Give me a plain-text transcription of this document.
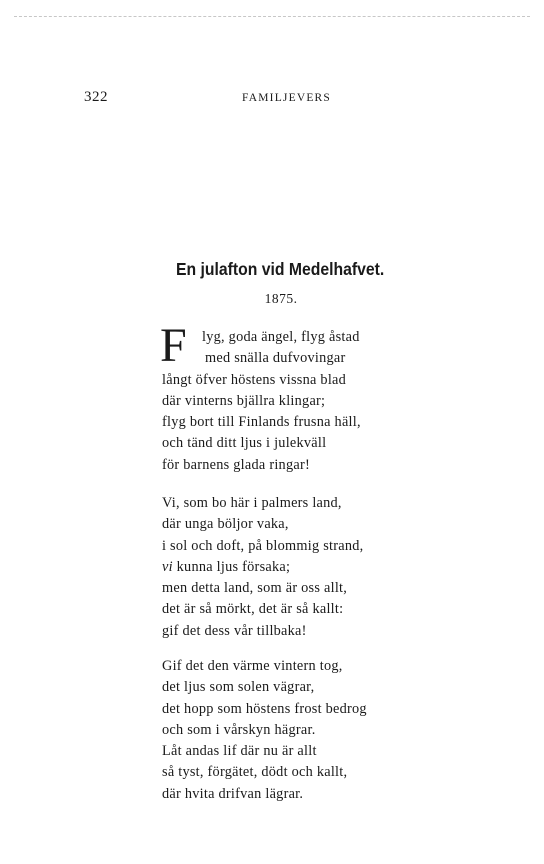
322	FAMILJEVERS
En julafton vid Medelhafvet.
1875.
F	lyg, goda ängel, flyg åstad
med snälla dufvovingar
långt öfver höstens vissna blad
där vinterns bjällra klingar;
flyg bort till Finlands frusna häll,
och tänd ditt ljus i julekväll
för barnens glada ringar!
Vi, som bo här i palmers land,
där unga böljor vaka,
i sol och doft, på blommig strand,
vi kunna ljus försaka;
men detta land, som är oss allt,
det är så mörkt, det är så kallt:
gif det dess vår tillbaka!
Gif det den värme vintern tog,
det ljus som solen vägrar,
det hopp som höstens frost bedrog
och som i vårskyn hägrar.
Låt andas lif där nu är allt
så tyst, förgätet, dödt och kallt,
där hvita drifvan lägrar.
